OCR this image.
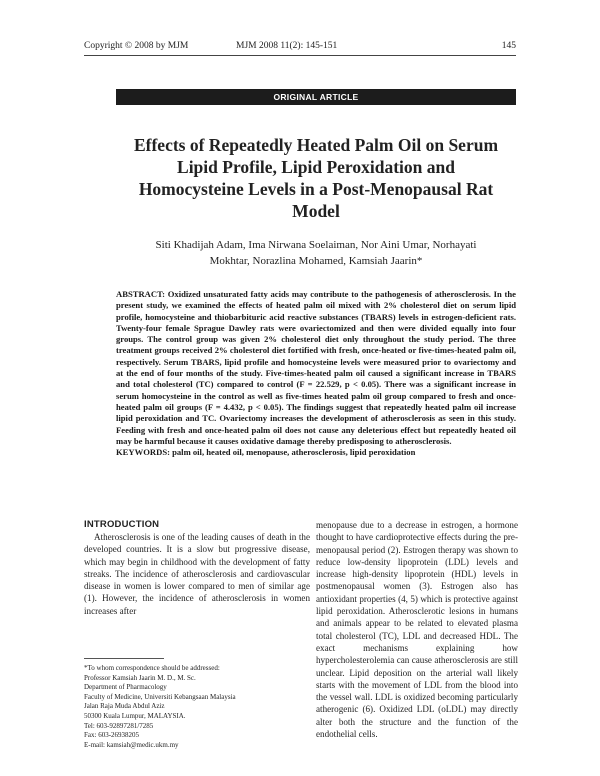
Copyright © 2008 by MJM	MJM 2008 11(2): 145-151	145
ORIGINAL ARTICLE
Effects of Repeatedly Heated Palm Oil on Serum
Lipid Profile, Lipid Peroxidation and
Homocysteine Levels in a Post-Menopausal Rat
Model
Siti Khadijah Adam, Ima Nirwana Soelaiman, Nor Aini Umar, Norhayati
Mokhtar, Norazlina Mohamed, Kamsiah Jaarin*

ABSTRACT: Oxidized unsaturated fatty acids may contribute to the pathogenesis of atherosclerosis. In the present study, we examined the effects of heated palm oil mixed with 2% cholesterol diet on serum lipid profile, homocysteine and thiobarbituric acid reactive substances (TBARS) levels in estrogen-deficient rats. Twenty-four female Sprague Dawley rats were ovariectomized and then were divided equally into four groups. The control group was given 2% cholesterol diet only throughout the study period. The three treatment groups received 2% cholesterol diet fortified with fresh, once-heated or five-times-heated palm oil, respectively. Serum TBARS, lipid profile and homocysteine levels were measured prior to ovariectomy and at the end of four months of the study. Five-times-heated palm oil caused a significant increase in TBARS and total cholesterol (TC) compared to control (F = 22.529, p < 0.05). There was a significant increase in serum homocysteine in the control as well as five-times heated palm oil group compared to fresh and once-heated palm oil groups (F = 4.432, p < 0.05). The findings suggest that repeatedly heated palm oil increase lipid peroxidation and TC. Ovariectomy increases the development of atherosclerosis as seen in this study. Feeding with fresh and once-heated palm oil does not cause any deleterious effect but repeatedly heated oil may be harmful because it causes oxidative damage thereby predisposing to atherosclerosis.

KEYWORDS: palm oil, heated oil, menopause, atherosclerosis, lipid peroxidation

INTRODUCTION

Atherosclerosis is one of the leading causes of death in the developed countries. It is a slow but progressive disease, which may begin in childhood with the development of fatty streaks. The incidence of atherosclerosis and cardiovascular disease in women is lower compared to men of similar age (1). However, the incidence of atherosclerosis in women increases after

menopause due to a decrease in estrogen, a hormone thought to have cardioprotective effects during the pre-menopausal period (2). Estrogen therapy was shown to reduce low-density lipoprotein (LDL) levels and increase high-density lipoprotein (HDL) levels in postmenopausal women (3). Estrogen also has antioxidant properties (4, 5) which is protective against lipid peroxidation. Atherosclerotic lesions in humans and animals appear to be related to elevated plasma total cholesterol (TC), LDL and decreased HDL. The exact mechanisms explaining how hypercholesterolemia can cause atherosclerosis are still unclear. Lipid deposition on the arterial wall likely starts with the movement of LDL from the blood into the vessel wall. LDL is oxidized becoming particularly atherogenic (6). Oxidized LDL (oLDL) may directly alter both the structure and the function of the endothelial cells.

*To whom correspondence should be addressed:
Professor Kamsiah Jaarin M. D., M. Sc.
Department of Pharmacology
Faculty of Medicine, Universiti Kebangsaan Malaysia
Jalan Raja Muda Abdul Aziz
50300 Kuala Lumpur, MALAYSIA.
Tel: 603-92897281/7285
Fax: 603-26938205
E-mail: kamsiah@medic.ukm.my
